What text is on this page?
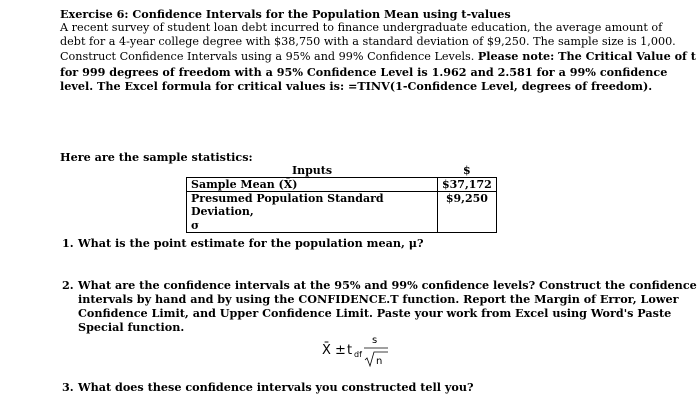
Exercise 6: Confidence Intervals for the Population Mean using t-values

A recent survey of student loan debt incurred to finance undergraduate education, the average amount of

debt for a 4-year college degree with $38,750 with a standard deviation of $9,250. The sample size is 1,000.

Construct Confidence Intervals using a 95% and 99% Confidence Levels. Please note: The Critical Value of t

for 999 degrees of freedom with a 95% Confidence Level is 1.962 and 2.581 for a 99% confidence

level. The Excel formula for critical values is: =TINV(1-Confidence Level, degrees of freedom).

Here are the sample statistics:
Inputs	$
Sample Mean (X̄)	$37,172
Presumed Population Standard Deviation,	$9,250
σ	
1. What is the point estimate for the population mean, μ?
2. What are the confidence intervals at the 95% and 99% confidence levels? Construct the confidence
intervals by hand and by using the CONFIDENCE.T function. Report the Margin of Error, Lower
Confidence Limit, and Upper Confidence Limit. Paste your work from Excel using Word's Paste
Special function.
X̄ ± t df
s
n
3. What does these confidence intervals you constructed tell you?
